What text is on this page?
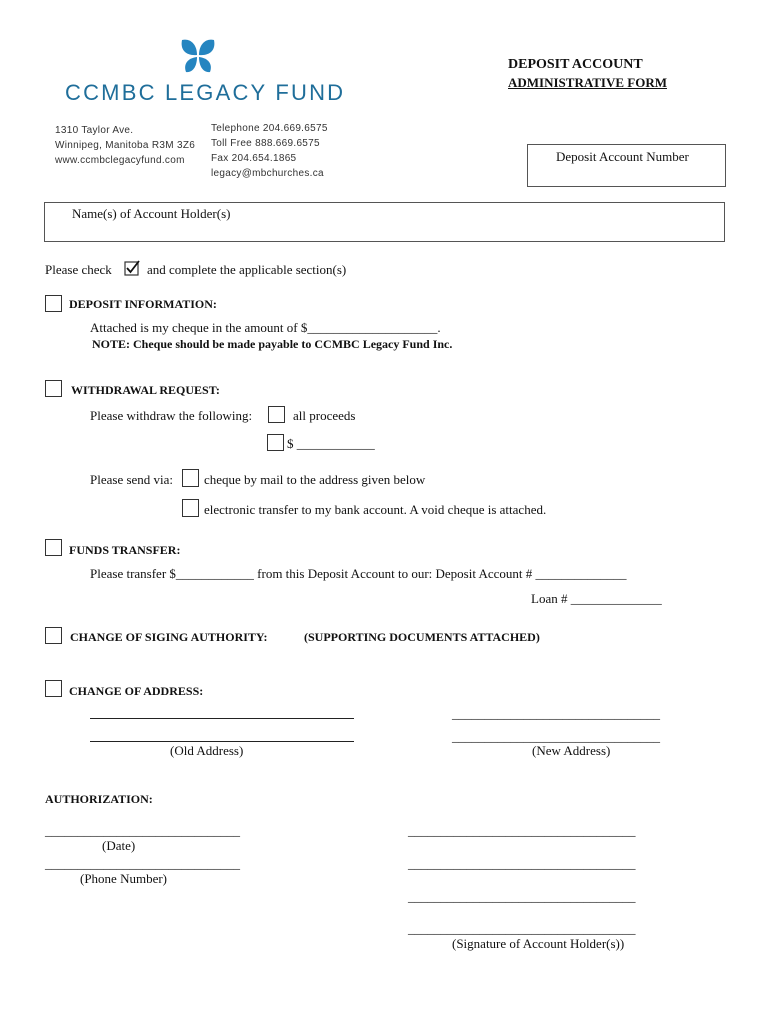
CCMBC LEGACY FUND
1310 Taylor Ave.
Winnipeg, Manitoba R3M 3Z6
www.ccmbclegacyfund.com
Telephone 204.669.6575
Toll Free 888.669.6575
Fax 204.654.1865
legacy@mbchurches.ca
DEPOSIT ACCOUNT
ADMINISTRATIVE FORM
Deposit Account Number
Name(s) of Account Holder(s)
Please check	and complete the applicable section(s)
DEPOSIT INFORMATION:
Attached is my cheque in the amount of $____________________.
NOTE: Cheque should be made payable to CCMBC Legacy Fund Inc.
WITHDRAWAL REQUEST:
Please withdraw the following:	all proceeds
$ ____________
Please send via: cheque by mail to the address given below
electronic transfer to my bank account. A void cheque is attached.
FUNDS TRANSFER:
Please transfer $____________ from this Deposit Account to our: Deposit Account # ______________
Loan # ______________
CHANGE OF SIGING AUTHORITY:	(SUPPORTING DOCUMENTS ATTACHED)
CHANGE OF ADDRESS:
(Old Address)
________________________________
________________________________
(New Address)
AUTHORIZATION:
______________________________
(Date)
______________________________
(Phone Number)
___________________________________
___________________________________
___________________________________
___________________________________
(Signature of Account Holder(s))
